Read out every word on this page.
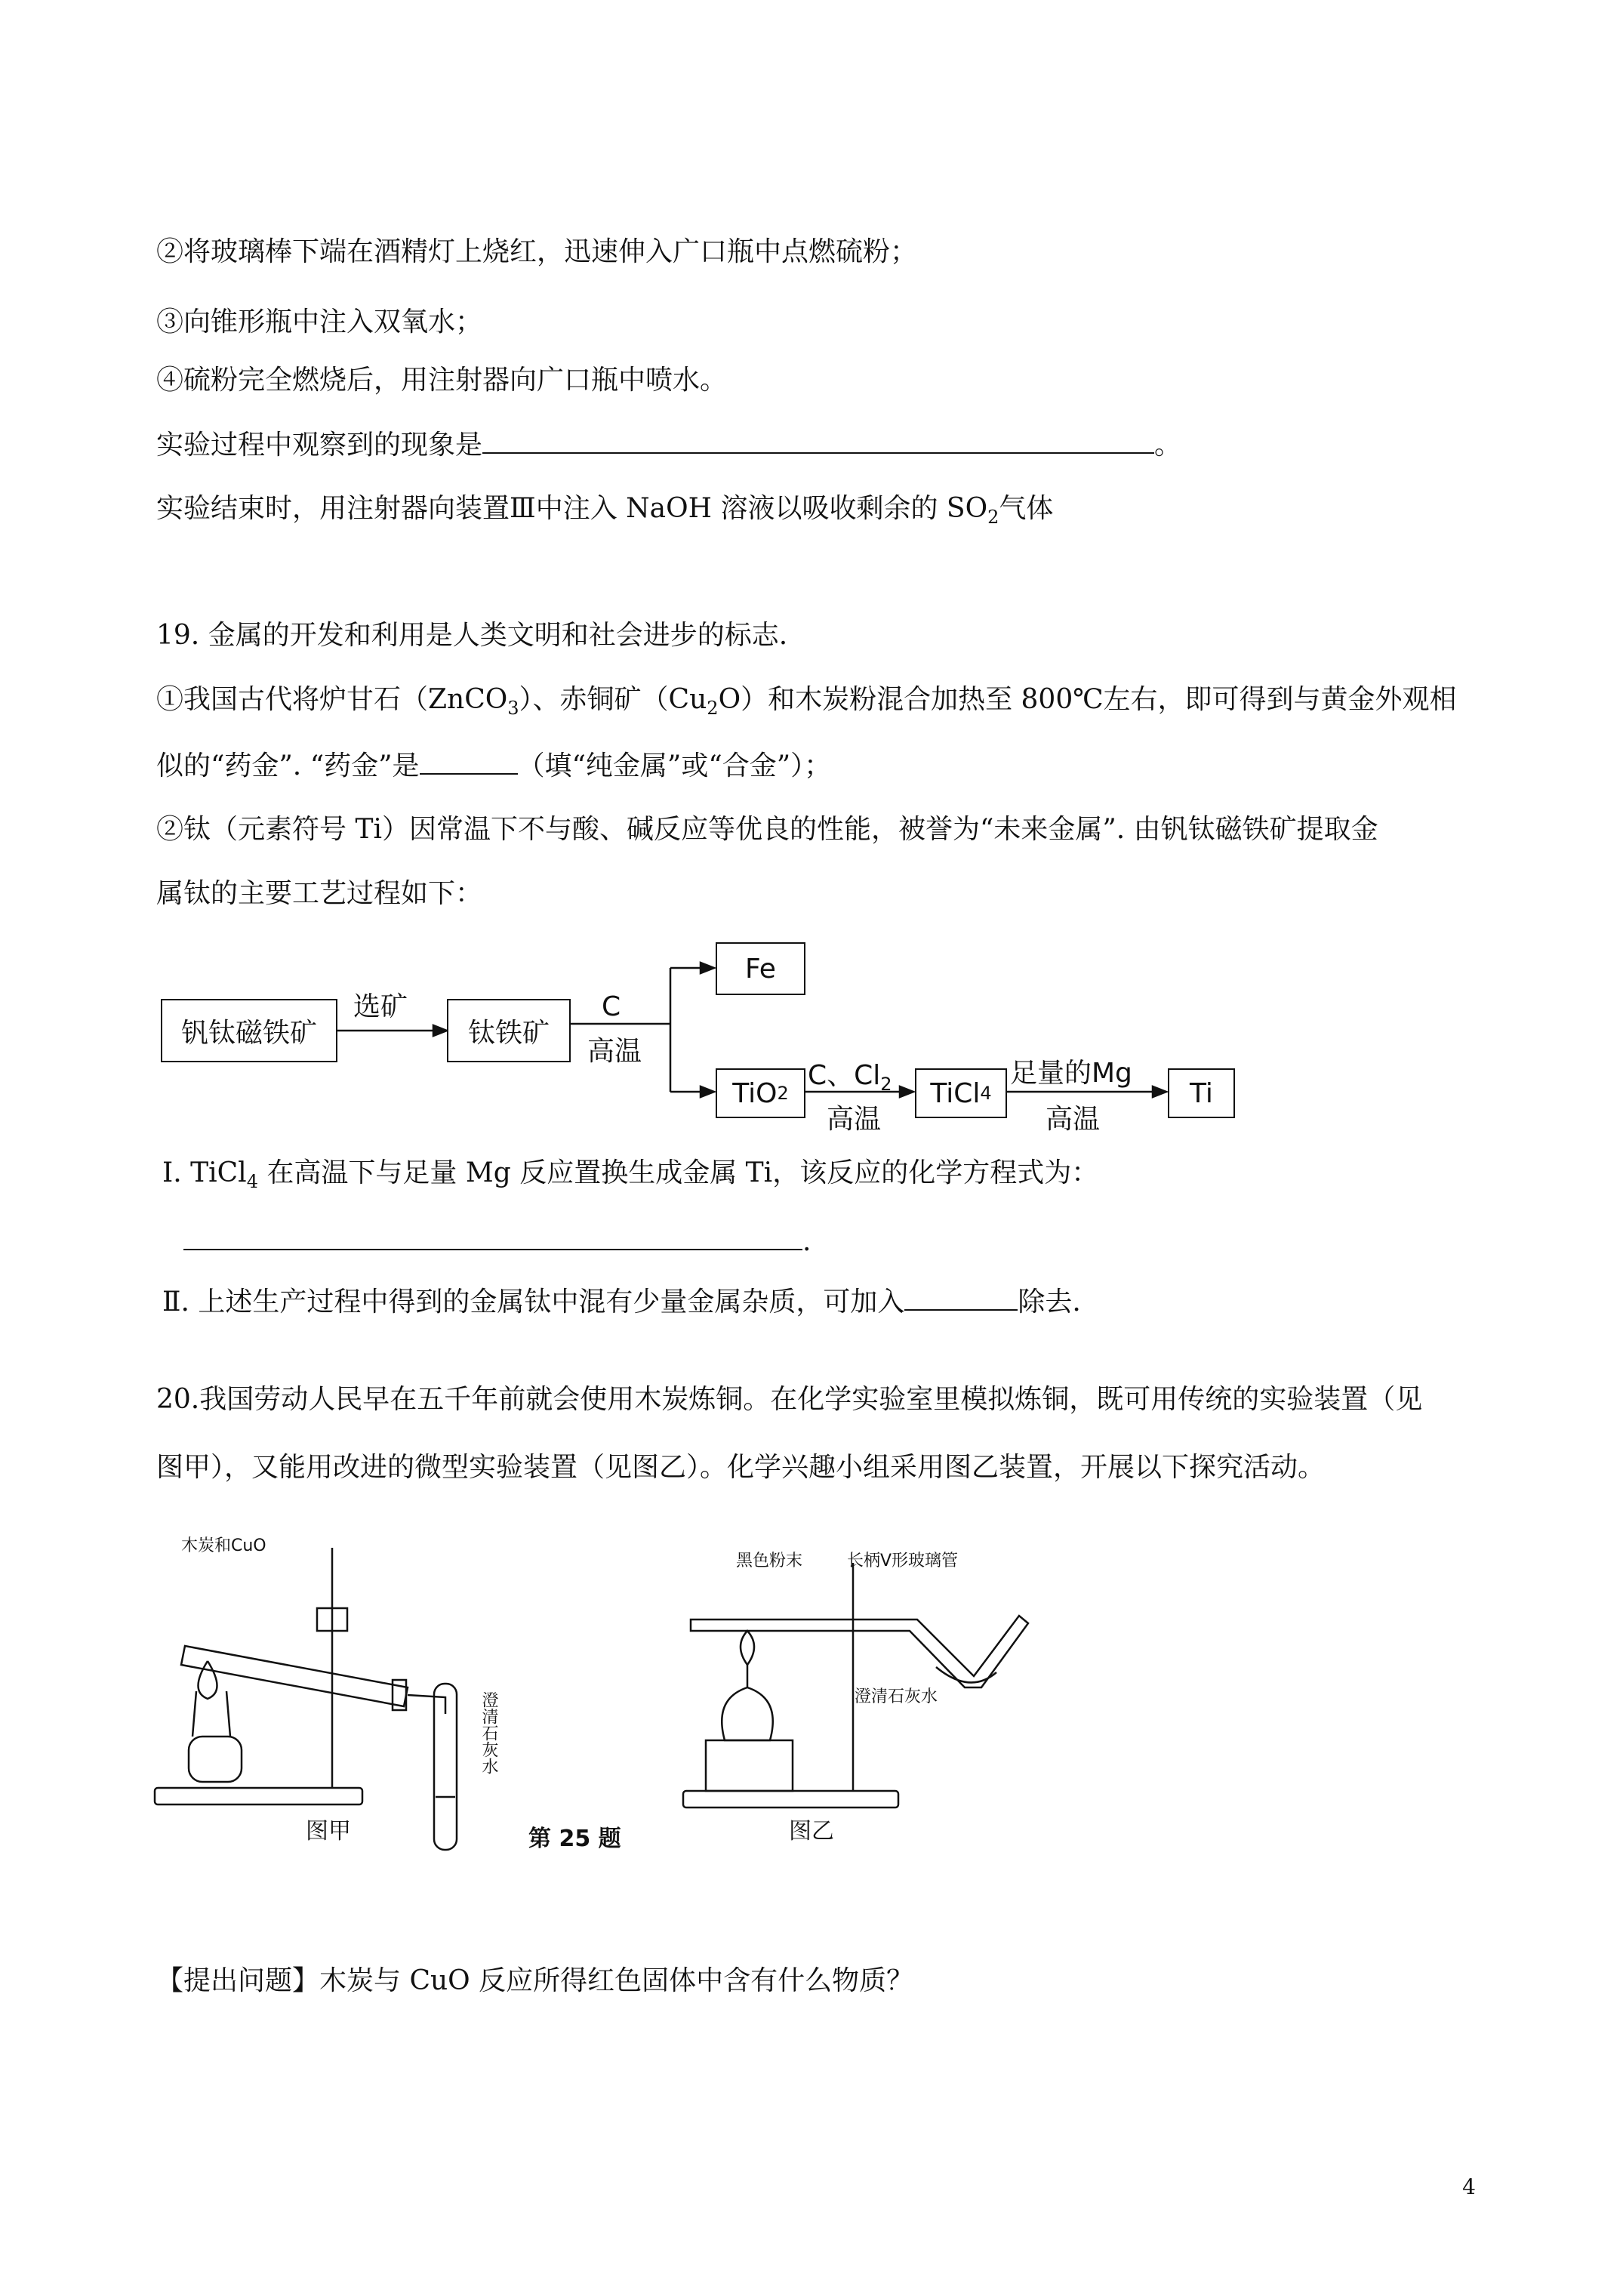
②将玻璃棒下端在酒精灯上烧红，迅速伸入广口瓶中点燃硫粉；
③向锥形瓶中注入双氧水；
④硫粉完全燃烧后，用注射器向广口瓶中喷水。
实验过程中观察到的现象是	。
实验结束时，用注射器向装置Ⅲ中注入 NaOH 溶液以吸收剩余的 $SO_2$气体
19. 金属的开发和利用是人类文明和社会进步的标志.
①我国古代将炉甘石（ZnCO$_3$）、赤铜矿$(Cu_2O)$和木炭粉混合加热至 800℃左右，即可得到与黄金外观相
似的“药金”. “药金”是	（填“纯金属”或“合金”）；
②钛（元素符号 Ti）因常温下不与酸、碱反应等优良的性能，被誉为“未来金属”. 由钒钛磁铁矿提取金
属钛的主要工艺过程如下：
钒钛磁铁矿
选矿
钛铁矿
C
高温
Fe
TiO 2
C、$Cl_2$
高温
TiCl 4
足量的Mg
高温
Ti
Ⅰ. TiCl$_4$ 在高温下与足量 Mg 反应置换生成金属 Ti，该反应的化学方程式为：
.
Ⅱ. 上述生产过程中得到的金属钛中混有少量金属杂质，可加入	除去.
20.我国劳动人民早在五千年前就会使用木炭炼铜。在化学实验室里模拟炼铜，既可用传统的实验装置（见
图甲），又能用改进的微型实验装置（见图乙）。化学兴趣小组采用图乙装置，开展以下探究活动。
木炭和CuO
澄清石灰水
图甲	第 25 题
黑色粉末	长柄V形玻璃管
澄清石灰水
图乙
【提出问题】木炭与 CuO 反应所得红色固体中含有什么物质？
4
